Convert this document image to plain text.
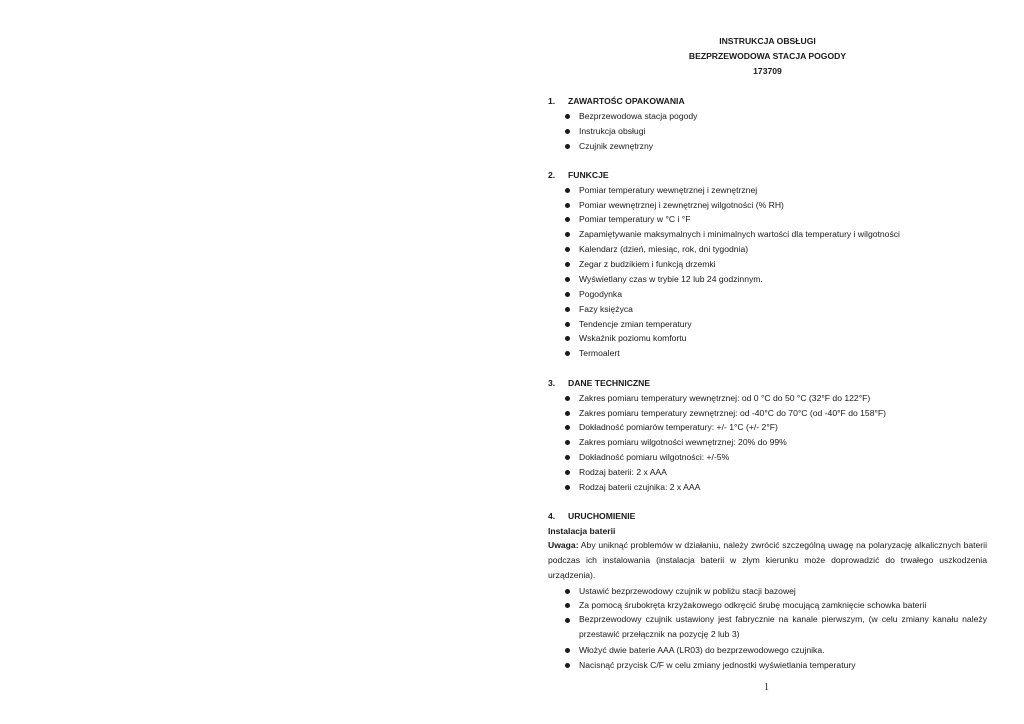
INSTRUKCJA OBSŁUGI
BEZPRZEWODOWA STACJA POGODY
173709
1. ZAWARTOŚC OPAKOWANIA
Bezprzewodowa stacja pogody
Instrukcja obsługi
Czujnik zewnętrzny
2. FUNKCJE
Pomiar temperatury wewnętrznej i zewnętrznej
Pomiar wewnętrznej i zewnętrznej wilgotności (% RH)
Pomiar temperatury w °C i °F
Zapamiętywanie maksymalnych i minimalnych wartości dla temperatury i wilgotności
Kalendarz (dzień, miesiąc, rok, dni tygodnia)
Zegar z budzikiem i funkcją drzemki
Wyświetlany czas w trybie 12 lub 24 godzinnym.
Pogodynka
Fazy księżyca
Tendencje zmian temperatury
Wskaźnik poziomu komfortu
Termoalert
3. DANE TECHNICZNE
Zakres pomiaru temperatury wewnętrznej: od 0 °C do 50 °C (32°F do 122°F)
Zakres pomiaru temperatury zewnętrznej: od -40°C do 70°C (od -40°F do 158°F)
Dokładność pomiarów temperatury: +/- 1°C (+/- 2°F)
Zakres pomiaru wilgotności wewnętrznej: 20% do 99%
Dokładność pomiaru wilgotności: +/-5%
Rodzaj baterii: 2 x AAA
Rodzaj baterii czujnika: 2 x AAA
4. URUCHOMIENIE
Instalacja baterii
Uwaga: Aby uniknąć problemów w działaniu, należy zwrócić szczególną uwagę na polaryzację alkalicznych baterii podczas ich instalowania (instalacja baterii w złym kierunku może doprowadzić do trwałego uszkodzenia urządzenia).
Ustawić bezprzewodowy czujnik w pobliżu stacji bazowej
Za pomocą śrubokręta krzyżakowego odkręcić śrubę mocującą zamknięcie schowka baterii
Bezprzewodowy czujnik ustawiony jest fabrycznie na kanale pierwszym, (w celu zmiany kanału należy przestawić przełącznik na pozycję 2 lub 3)
Włożyć dwie baterie AAA (LR03) do bezprzewodowego czujnika.
Nacisnąć przycisk C/F w celu zmiany jednostki wyświetlania temperatury
1
